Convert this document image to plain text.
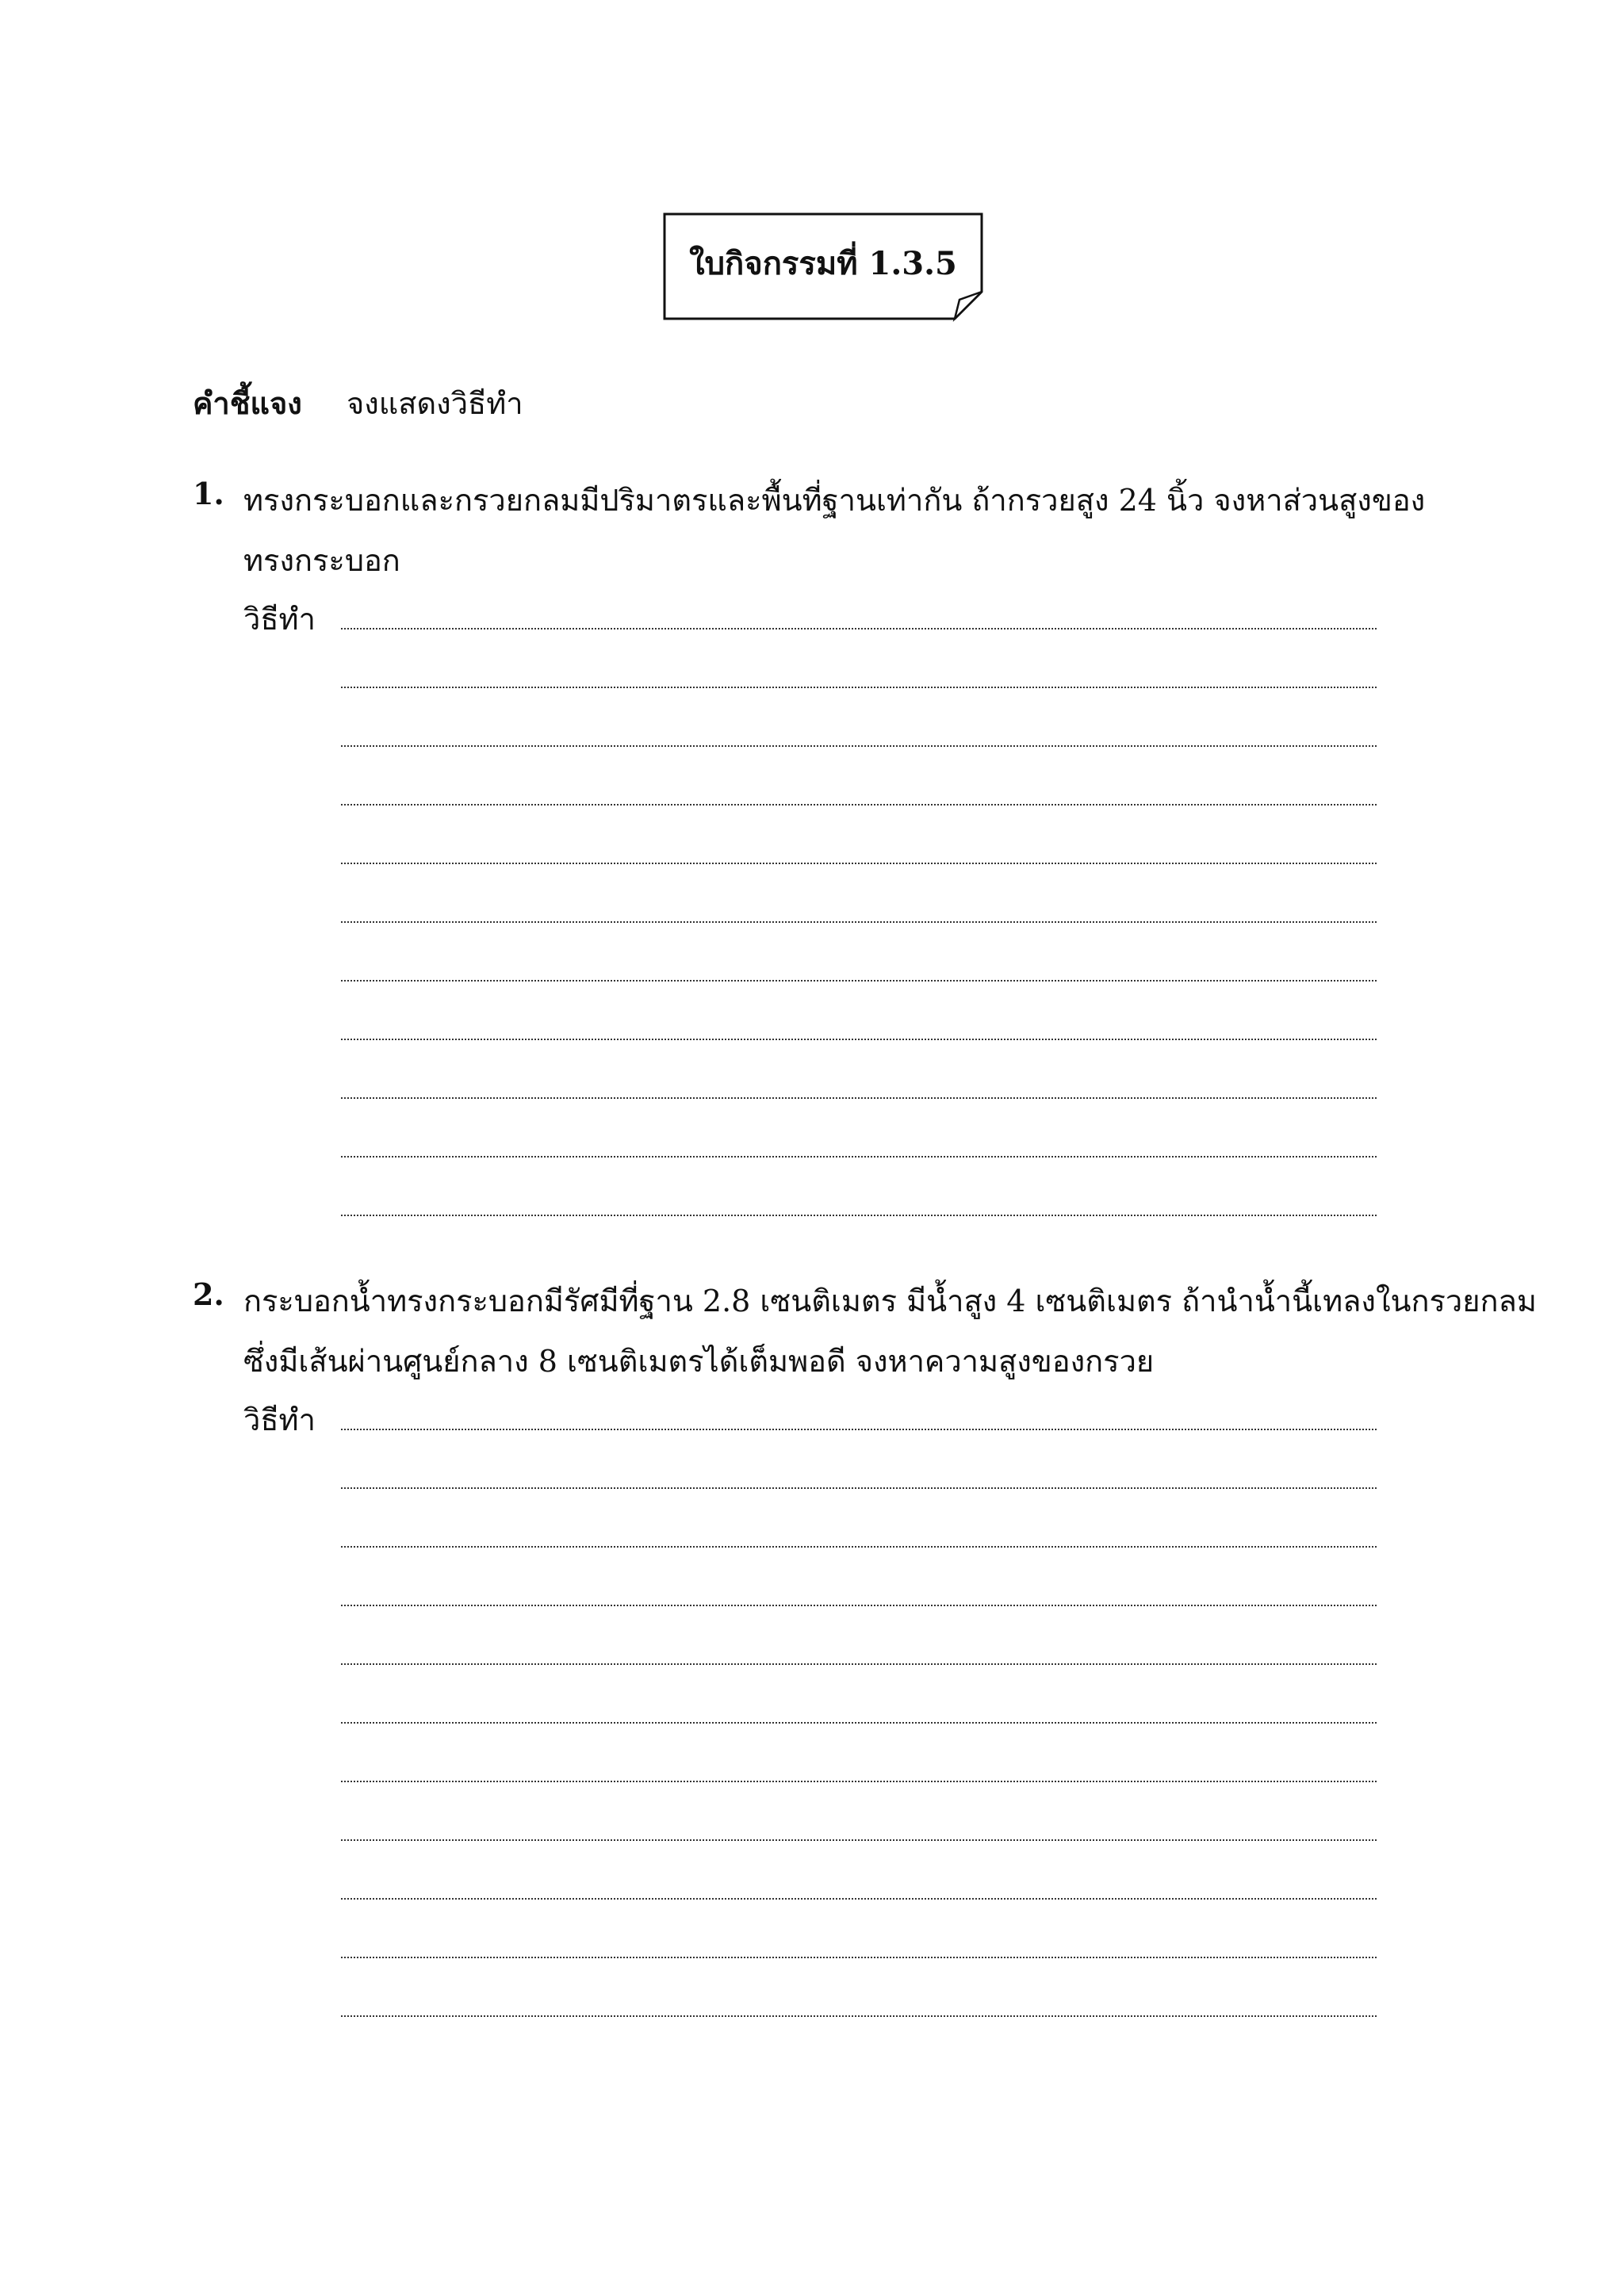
ใบกิจกรรมที่ 1.3.5
คำชี้แจง จงแสดงวิธีทำ
1. ทรงกระบอกและกรวยกลมมีปริมาตรและพื้นที่ฐานเท่ากัน ถ้ากรวยสูง 24 นิ้ว จงหาส่วนสูงของ
ทรงกระบอก
วิธีทำ
2. กระบอกน้ำทรงกระบอกมีรัศมีที่ฐาน 2.8 เซนติเมตร มีน้ำสูง 4 เซนติเมตร ถ้านำน้ำนี้เทลงในกรวยกลม
ซึ่งมีเส้นผ่านศูนย์กลาง 8 เซนติเมตรได้เต็มพอดี จงหาความสูงของกรวย
วิธีทำ
